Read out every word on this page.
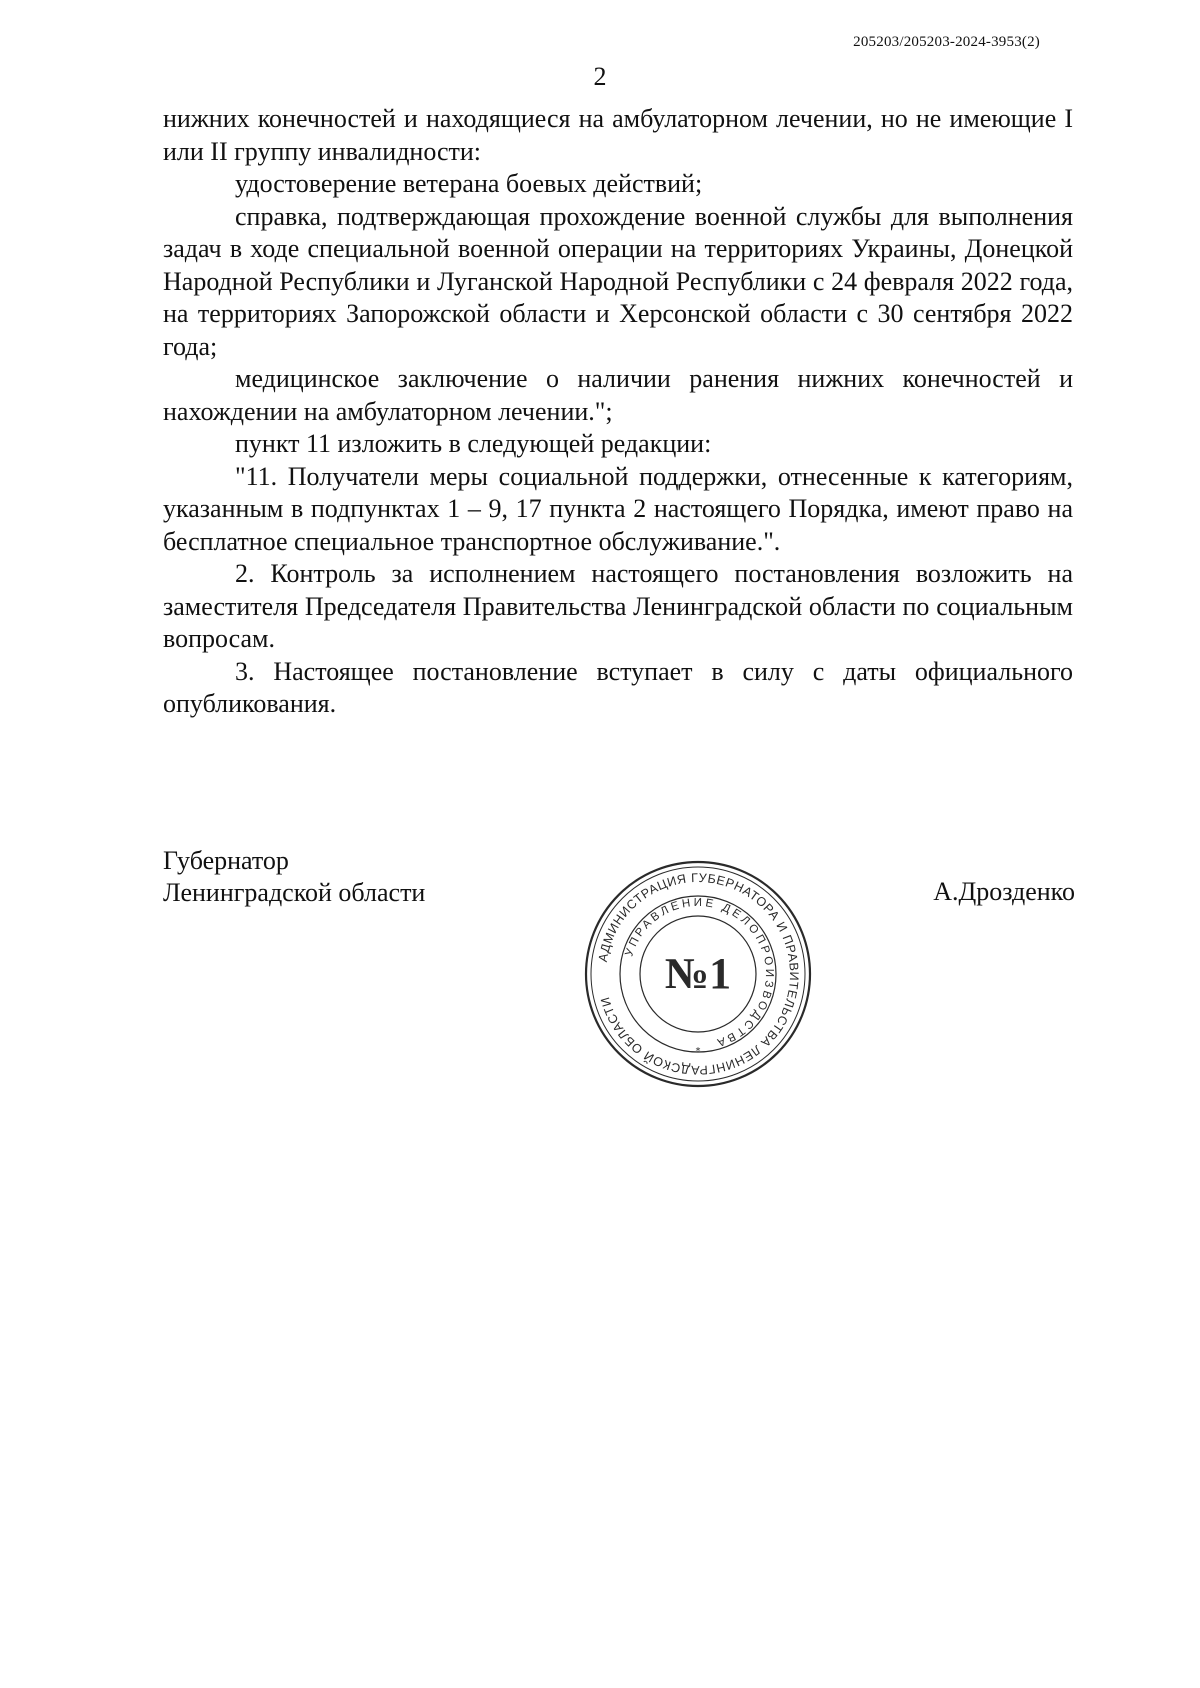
205203/205203-2024-3953(2)
2

нижних конечностей и находящиеся на амбулаторном лечении, но не имеющие I или II группу инвалидности:

удостоверение ветерана боевых действий;

справка, подтверждающая прохождение военной службы для выполнения задач в ходе специальной военной операции на территориях Украины, Донецкой Народной Республики и Луганской Народной Республики с 24 февраля 2022 года, на территориях Запорожской области и Херсонской области с 30 сентября 2022 года;

медицинское заключение о наличии ранения нижних конечностей и нахождении на амбулаторном лечении.";

пункт 11 изложить в следующей редакции:

"11. Получатели меры социальной поддержки, отнесенные к категориям, указанным в подпунктах 1 – 9, 17 пункта 2 настоящего Порядка, имеют право на бесплатное специальное транспортное обслуживание.".

2. Контроль за исполнением настоящего постановления возложить на заместителя Председателя Правительства Ленинградской области по социальным вопросам.

3. Настоящее постановление вступает в силу с даты официального опубликования.

Губернатор
Ленинградской области	А.Дрозденко
АДМИНИСТРАЦИЯ ГУБЕРНАТОРА И ПРАВИТЕЛЬСТВА ЛЕНИНГРАДСКОЙ ОБЛАСТИ
УПРАВЛЕНИЕ ДЕЛОПРОИЗВОДСТВА
№1
*
